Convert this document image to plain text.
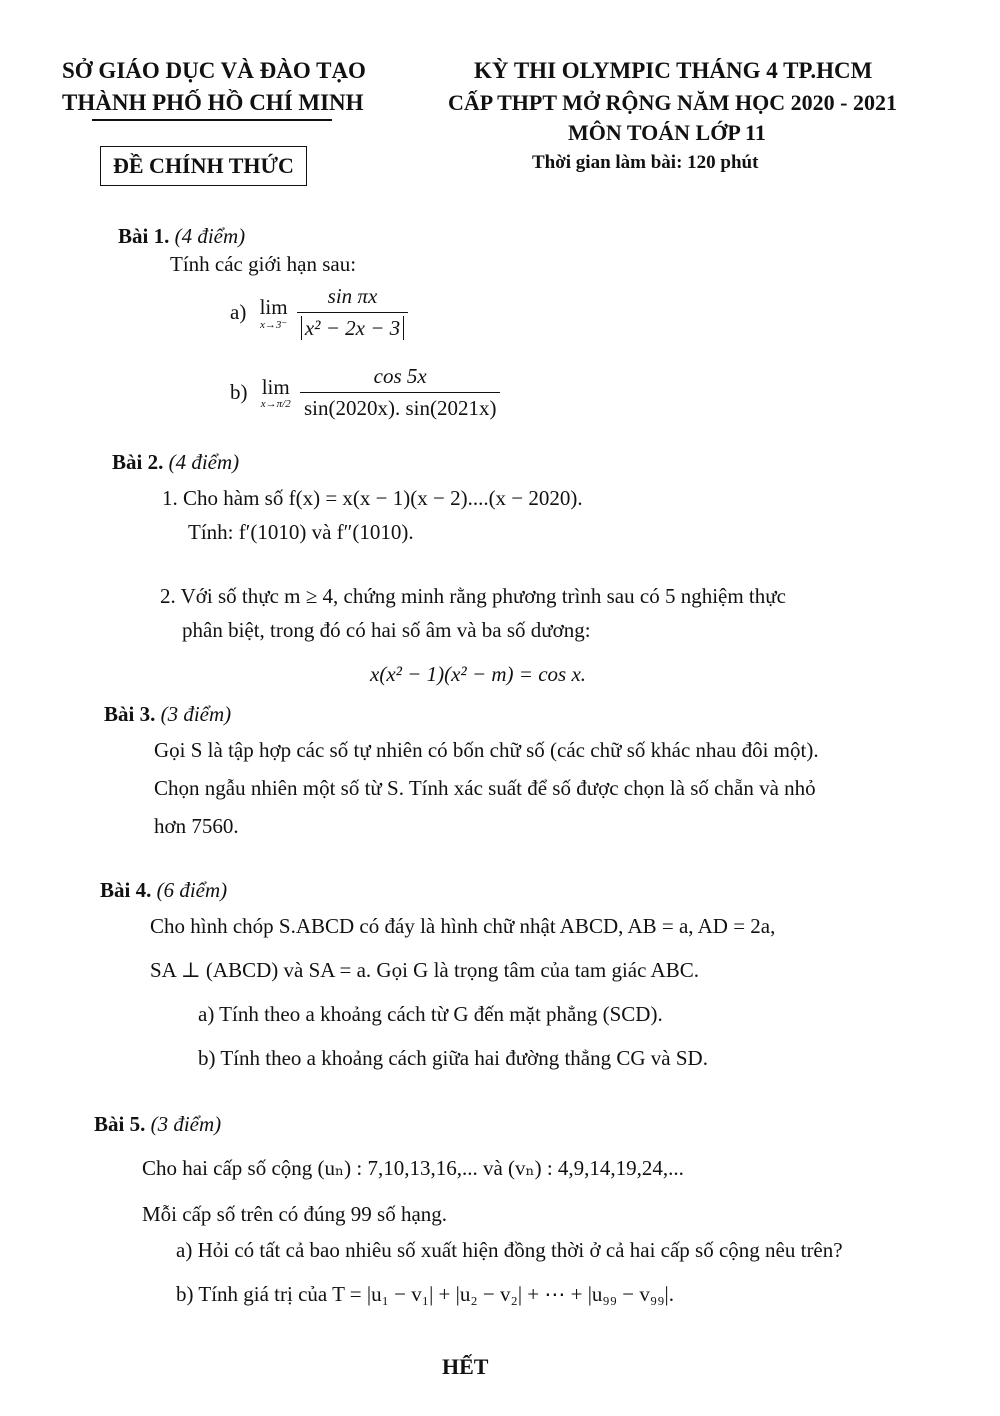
SỞ GIÁO DỤC VÀ ĐÀO TẠO
THÀNH PHỐ HỒ CHÍ MINH
ĐỀ CHÍNH THỨC
KỲ THI OLYMPIC THÁNG 4 TP.HCM
CẤP THPT MỞ RỘNG NĂM HỌC 2020 - 2021
MÔN TOÁN LỚP 11
Thời gian làm bài: 120 phút
Bài 1. (4 điểm)
Tính các giới hạn sau:
a) lim
x→3⁻
$\frac{\text{sin πx}}{\text{x² − 2x − 3}}$
b) lim
x→π/2
$\frac{\cos 5x}{\sin(2020x). \sin(2021x)}$
Bài 2. (4 điểm)
1. Cho hàm số f(x) = x(x − 1)(x − 2)....(x − 2020).
Tính: f′(1010) và f″(1010).
2. Với số thực m ≥ 4, chứng minh rằng phương trình sau có 5 nghiệm thực
phân biệt, trong đó có hai số âm và ba số dương:
x(x² − 1)(x² − m) = cos x.
Bài 3. (3 điểm)
Gọi S là tập hợp các số tự nhiên có bốn chữ số (các chữ số khác nhau đôi một).
Chọn ngẫu nhiên một số từ S. Tính xác suất để số được chọn là số chẵn và nhỏ
hơn 7560.
Bài 4. (6 điểm)
Cho hình chóp S.ABCD có đáy là hình chữ nhật ABCD, AB = a, AD = 2a,
SA ⊥ (ABCD) và SA = a. Gọi G là trọng tâm của tam giác ABC.
a) Tính theo a khoảng cách từ G đến mặt phẳng (SCD).
b) Tính theo a khoảng cách giữa hai đường thẳng CG và SD.
Bài 5. (3 điểm)
Cho hai cấp số cộng (uₙ) : 7,10,13,16,... và (vₙ) : 4,9,14,19,24,...
Mỗi cấp số trên có đúng 99 số hạng.
a) Hỏi có tất cả bao nhiêu số xuất hiện đồng thời ở cả hai cấp số cộng nêu trên?
b) Tính giá trị của T = |u₁ − v₁| + |u₂ − v₂| + ⋯ + |u₉₉ − v₉₉|.
HẾT
